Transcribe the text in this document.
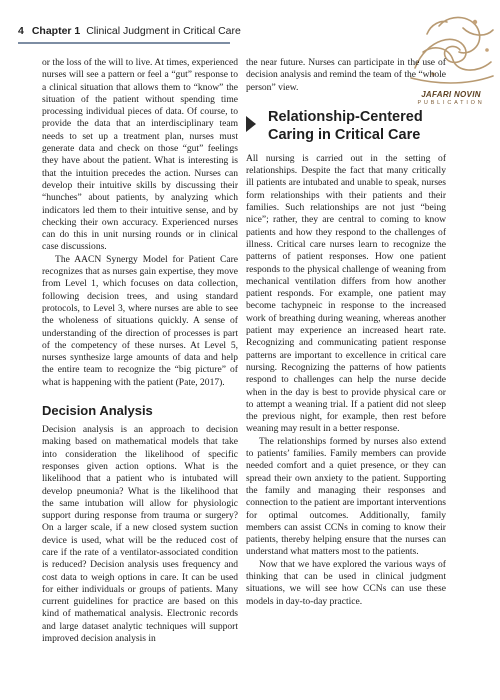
4 Chapter 1 Clinical Judgment in Critical Care
JAFARI NOVIN
PUBLICATION

or the loss of the will to live. At times, experienced nurses will see a pattern or feel a “gut” response to a clinical situation that allows them to “know” the situation of the patient without spending time processing individual pieces of data. Of course, to provide the data that an interdisciplinary team needs to set up a treatment plan, nurses must generate data and check on those “gut” feelings they have about the patient. What is interesting is that the intuition precedes the action. Nurses can develop their intuitive skills by discussing their “hunches” about patients, by analyzing which indicators led them to their intuitive sense, and by checking their own accuracy. Experienced nurses can do this in unit nursing rounds or in clinical case discussions.

The AACN Synergy Model for Patient Care recognizes that as nurses gain expertise, they move from Level 1, which focuses on data collection, following decision trees, and using standard protocols, to Level 3, where nurses are able to see the wholeness of situations quickly. A sense of understanding of the direction of processes is part of the competency of these nurses. At Level 5, nurses synthesize large amounts of data and help the entire team to recognize the “big picture” of what is happening with the patient (Pate, 2017).

Decision Analysis

Decision analysis is an approach to decision making based on mathematical models that take into consideration the likelihood of specific responses given action options. What is the likelihood that a patient who is intubated will develop pneumonia? What is the likelihood that the same intubation will allow for physiologic support during response from trauma or surgery? On a larger scale, if a new closed system suction device is used, what will be the reduced cost of care if the rate of a ventilator-associated condition is reduced? Decision analysis uses frequency and cost data to weigh options in care. It can be used for either individuals or groups of patients. Many current guidelines for practice are based on this kind of mathematical analysis. Electronic records and large dataset analytic techniques will support improved decision analysis in

the near future. Nurses can participate in the use of decision analysis and remind the team of the “whole person” view.

Relationship-Centered Caring in Critical Care

All nursing is carried out in the setting of relationships. Despite the fact that many critically ill patients are intubated and unable to speak, nurses form relationships with their patients and their families. Such relationships are not just “being nice”; rather, they are central to coming to know patients and how they respond to the challenges of illness. Critical care nurses learn to recognize the patterns of patient responses. How one patient responds to the physical challenge of weaning from mechanical ventilation differs from how another patient responds. For example, one patient may become tachypneic in response to the increased work of breathing during weaning, whereas another patient may experience an increased heart rate. Recognizing and communicating patient response patterns are important to excellence in critical care nursing. Recognizing the patterns of how patients respond to challenges can help the nurse decide when in the day is best to provide physical care or to attempt a weaning trial. If a patient did not sleep the previous night, for example, then rest before weaning may result in a better response.

The relationships formed by nurses also extend to patients’ families. Family members can provide needed comfort and a quiet presence, or they can spread their own anxiety to the patient. Supporting the family and managing their responses and connection to the patient are important interventions for optimal outcomes. Additionally, family members can assist CCNs in coming to know their patients, thereby helping ensure that the nurses can understand what matters most to the patients.

Now that we have explored the various ways of thinking that can be used in clinical judgment situations, we will see how CCNs can use these models in day-to-day practice.
